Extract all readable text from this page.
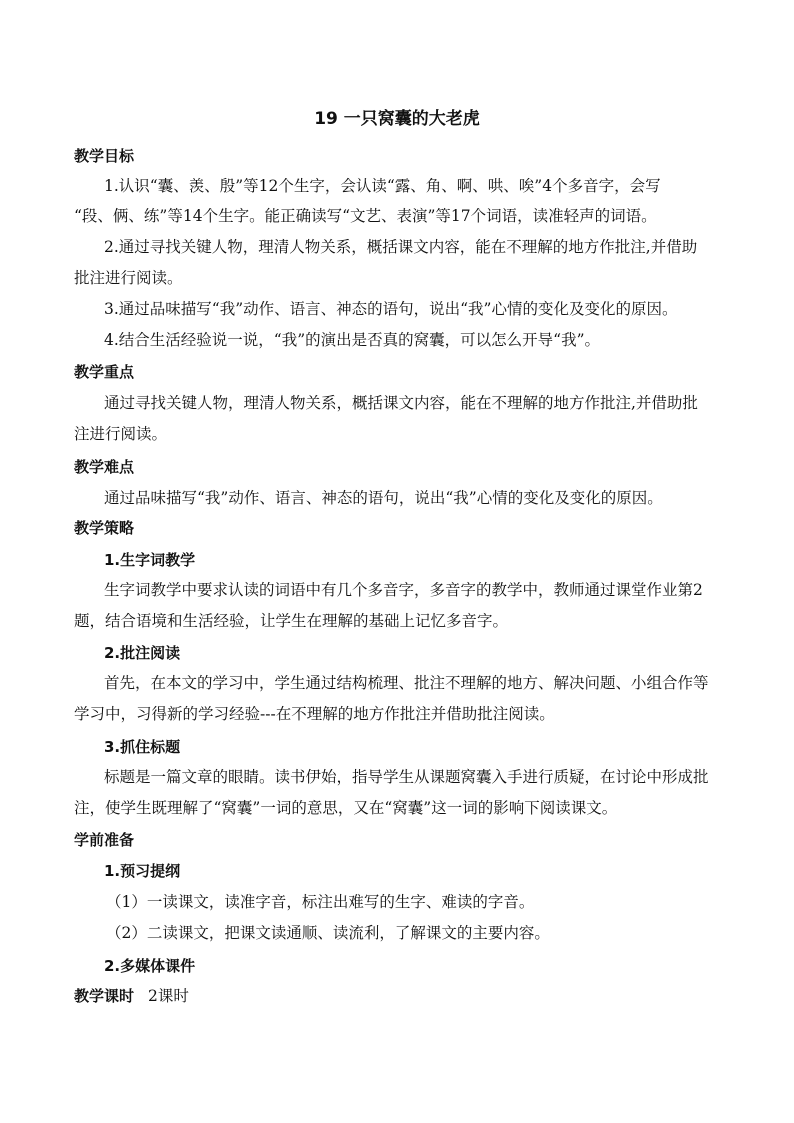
19 一只窝囊的大老虎
教学目标
1.认识“囊、羡、殷”等12个生字，会认读“露、角、啊、哄、唉”4个多音字，会写
“段、俩、练”等14个生字。能正确读写“文艺、表演”等17个词语，读准轻声的词语。
2.通过寻找关键人物，理清人物关系，概括课文内容，能在不理解的地方作批注,并借助
批注进行阅读。
3.通过品味描写“我”动作、语言、神态的语句，说出“我”心情的变化及变化的原因。
4.结合生活经验说一说，“我”的演出是否真的窝囊，可以怎么开导“我”。
教学重点
通过寻找关键人物，理清人物关系，概括课文内容，能在不理解的地方作批注,并借助批
注进行阅读。
教学难点
通过品味描写“我”动作、语言、神态的语句，说出“我”心情的变化及变化的原因。
教学策略
1.生字词教学
生字词教学中要求认读的词语中有几个多音字，多音字的教学中，教师通过课堂作业第2
题，结合语境和生活经验，让学生在理解的基础上记忆多音字。
2.批注阅读
首先，在本文的学习中，学生通过结构梳理、批注不理解的地方、解决问题、小组合作等
学习中，习得新的学习经验---在不理解的地方作批注并借助批注阅读。
3.抓住标题
标题是一篇文章的眼睛。读书伊始，指导学生从课题窝囊入手进行质疑，在讨论中形成批
注，使学生既理解了“窝囊”一词的意思，又在“窝囊”这一词的影响下阅读课文。
学前准备
1.预习提纲
（1）一读课文，读准字音，标注出难写的生字、难读的字音。
（2）二读课文，把课文读通顺、读流利，了解课文的主要内容。
2.多媒体课件
教学课时 2课时
